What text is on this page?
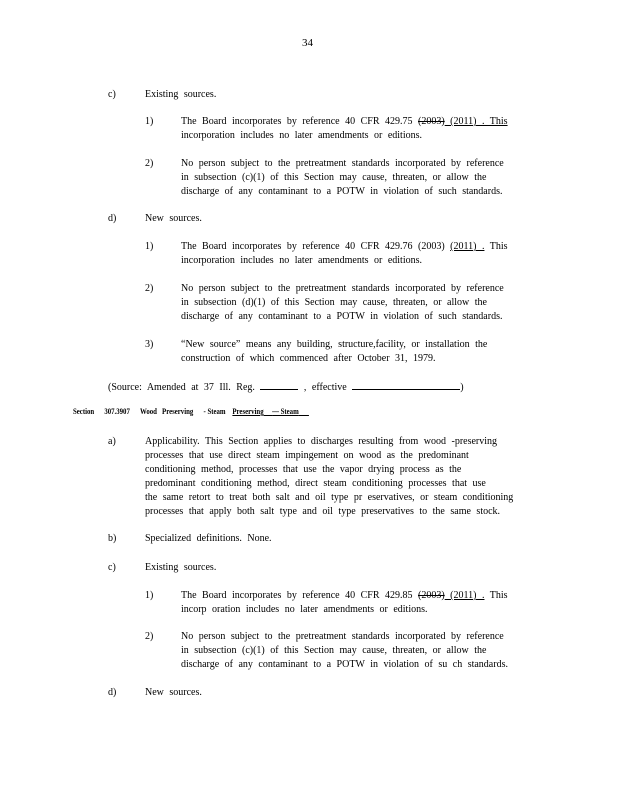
34
c)	Existing sources.
1)	The Board incorporates by reference 40 CFR 429.75 (2003) (2011) . This
incorporation includes no later amendments or editions.
2)	No person subject to the pretreatment standards incorporated by reference
in subsection (c)(1) of this Section may cause, threaten, or allow the
discharge of any contaminant to a POTW in violation of such standards.
d)	New sources.
1)	The Board incorporates by reference 40 CFR 429.76 (2003) (2011) . This
incorporation includes no later amendments or editions.
2)	No person subject to the pretreatment standards incorporated by reference
in subsection (d)(1) of this Section may cause, threaten, or allow the
discharge of any contaminant to a POTW in violation of such standards.
3)	“New source” means any building, structure,facility, or installation the
construction of which commenced after October 31, 1979.
(Source: Amended at 37 Ill. Reg.	, effective	)
Section 307.3907 Wood Preserving - Steam Preserving — Steam
a)	Applicability. This Section applies to discharges resulting from wood -preserving
processes that use direct steam impingement on wood as the predominant
conditioning method, processes that use the vapor drying process as the
predominant conditioning method, direct steam conditioning processes that use
the same retort to treat both salt and oil type pr eservatives, or steam conditioning
processes that apply both salt type and oil type preservatives to the same stock.
b)	Specialized definitions. None.
c)	Existing sources.
1)	The Board incorporates by reference 40 CFR 429.85 (2003) (2011) . This
incorp oration includes no later amendments or editions.
2)	No person subject to the pretreatment standards incorporated by reference
in subsection (c)(1) of this Section may cause, threaten, or allow the
discharge of any contaminant to a POTW in violation of su ch standards.
d)	New sources.
